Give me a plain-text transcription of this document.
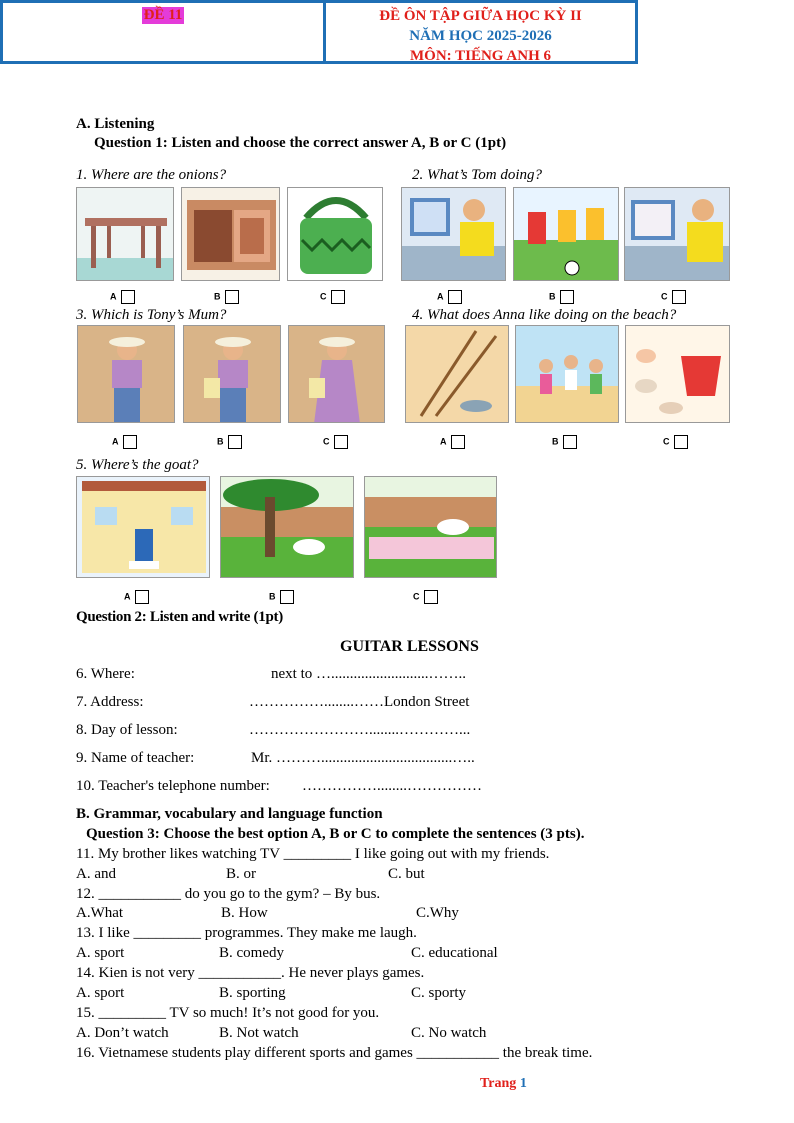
ĐỀ 11	ĐỀ ÔN TẬP GIỮA HỌC KỲ II
NĂM HỌC 2025-2026
MÔN: TIẾNG ANH 6
A. Listening
Question 1: Listen and choose the correct answer A, B or C (1pt)
1. Where are the onions?
A	B	C
2. What’s Tom doing?
A	B	C
3. Which is Tony’s Mum?
A	B	C
4. What does Anna like doing on the beach?
A	B	C
5. Where’s the goat?
A	B	C
Question 2: Listen and write (1pt)
GUITAR LESSONS
6. Where:	next to …..........................……..
7. Address:	……………........……London Street
8. Day of lesson:	……………………........…………...
9. Name of teacher:	Mr. ………...................................…..
10. Teacher's telephone number: ……………........……………
B. Grammar, vocabulary and language function
Question 3: Choose the best option A, B or C to complete the sentences (3 pts).
11. My brother likes watching TV _________ I like going out with my friends.
A. and	B. or	C. but
12. ___________ do you go to the gym? – By bus.
A.What	B. How	C.Why
13. I like _________ programmes. They make me laugh.
A. sport	B. comedy	C. educational
14. Kien is not very ___________. He never plays games.
A. sport	B. sporting	C. sporty
15. _________ TV so much! It’s not good for you.
A. Don’t watch	B. Not watch	C. No watch
16. Vietnamese students play different sports and games ___________ the break time.
Trang 1
